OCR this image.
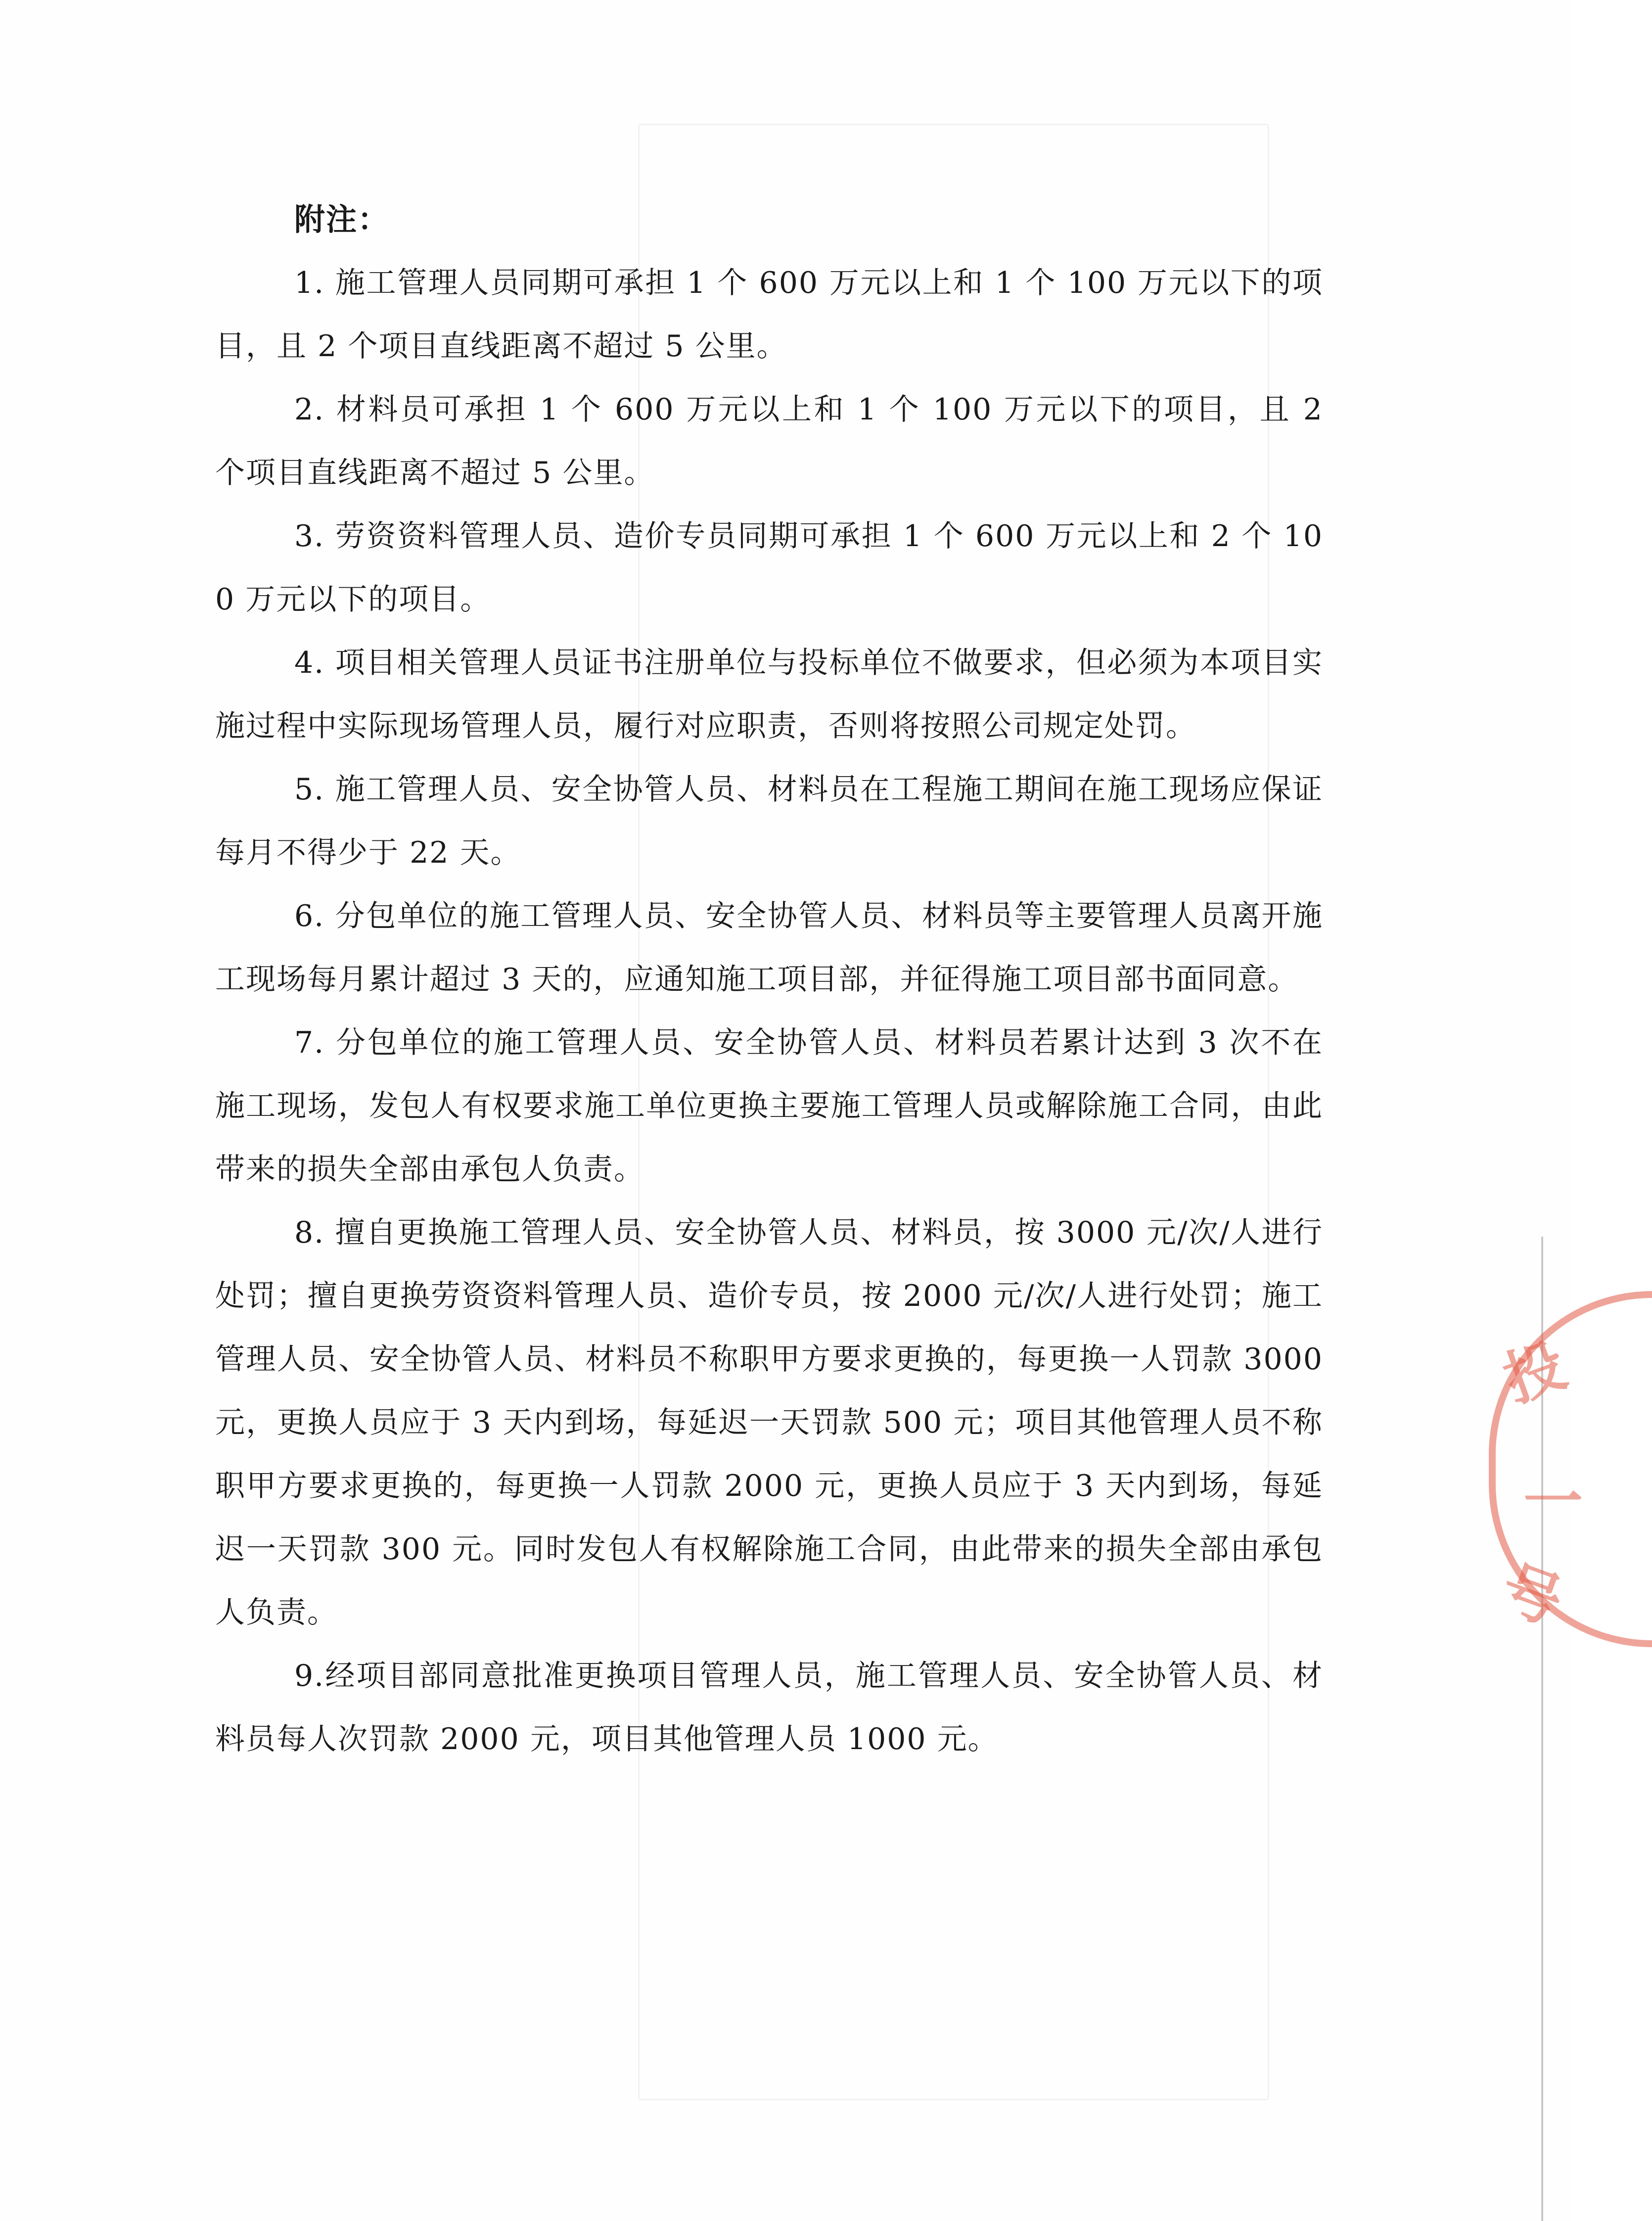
附注：

1. 施工管理人员同期可承担 1 个 600 万元以上和 1 个 100 万元以下的项目，且 2 个项目直线距离不超过 5 公里。

2. 材料员可承担 1 个 600 万元以上和 1 个 100 万元以下的项目，且 2 个项目直线距离不超过 5 公里。

3. 劳资资料管理人员、造价专员同期可承担 1 个 600 万元以上和 2 个 100 万元以下的项目。

4. 项目相关管理人员证书注册单位与投标单位不做要求，但必须为本项目实施过程中实际现场管理人员，履行对应职责，否则将按照公司规定处罚。

5. 施工管理人员、安全协管人员、材料员在工程施工期间在施工现场应保证每月不得少于 22 天。

6. 分包单位的施工管理人员、安全协管人员、材料员等主要管理人员离开施工现场每月累计超过 3 天的，应通知施工项目部，并征得施工项目部书面同意。

7. 分包单位的施工管理人员、安全协管人员、材料员若累计达到 3 次不在施工现场，发包人有权要求施工单位更换主要施工管理人员或解除施工合同，由此带来的损失全部由承包人负责。

8. 擅自更换施工管理人员、安全协管人员、材料员，按 3000 元/次/人进行处罚；擅自更换劳资资料管理人员、造价专员，按 2000 元/次/人进行处罚；施工管理人员、安全协管人员、材料员不称职甲方要求更换的，每更换一人罚款 3000 元，更换人员应于 3 天内到场，每延迟一天罚款 500 元；项目其他管理人员不称职甲方要求更换的，每更换一人罚款 2000 元，更换人员应于 3 天内到场，每延迟一天罚款 300 元。同时发包人有权解除施工合同，由此带来的损失全部由承包人负责。

9.经项目部同意批准更换项目管理人员，施工管理人员、安全协管人员、材料员每人次罚款 2000 元，项目其他管理人员 1000 元。

投
一
号
